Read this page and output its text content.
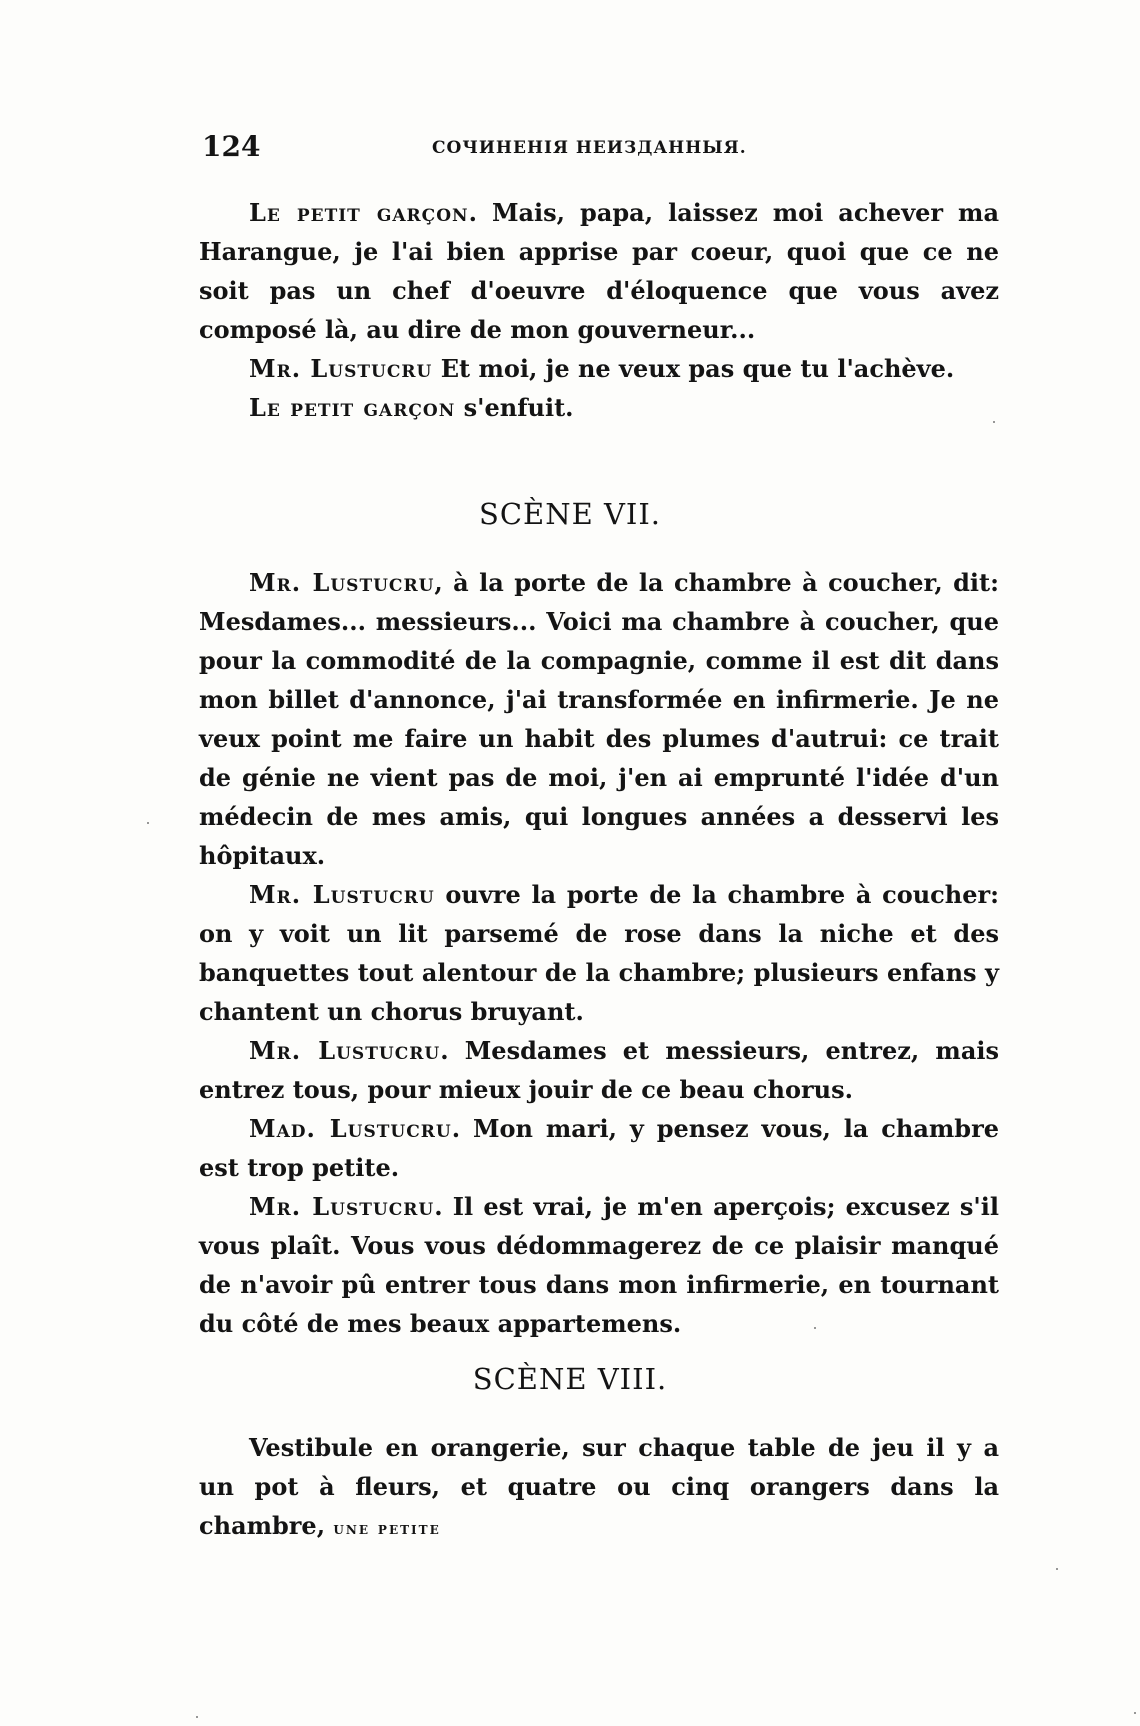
124	СОЧИНЕНІЯ НЕИЗДАННЫЯ.

Le petit garçon. Mais, papa, laissez moi achever ma Harangue, je l'ai bien apprise par coeur, quoi que ce ne soit pas un chef d'oeuvre d'éloquence que vous avez composé là, au dire de mon gouverneur...

Mr. Lustucru Et moi, je ne veux pas que tu l'achève.

Le petit garçon s'enfuit.

SCÈNE VII.

Mr. Lustucru, à la porte de la chambre à coucher, dit: Mesdames... messieurs... Voici ma chambre à coucher, que pour la commodité de la compagnie, comme il est dit dans mon billet d'annonce, j'ai transformée en infirmerie. Je ne veux point me faire un habit des plumes d'autrui: ce trait de génie ne vient pas de moi, j'en ai emprunté l'idée d'un médecin de mes amis, qui longues années a desservi les hôpitaux.

Mr. Lustucru ouvre la porte de la chambre à coucher: on y voit un lit parsemé de rose dans la niche et des banquettes tout alentour de la chambre; plusieurs enfans y chantent un chorus bruyant.

Mr. Lustucru. Mesdames et messieurs, entrez, mais entrez tous, pour mieux jouir de ce beau chorus.

Mad. Lustucru. Mon mari, y pensez vous, la chambre est trop petite.

Mr. Lustucru. Il est vrai, je m'en aperçois; excusez s'il vous plaît. Vous vous dédommagerez de ce plaisir manqué de n'avoir pû entrer tous dans mon infirmerie, en tournant du côté de mes beaux appartemens.

SCÈNE VIII.

Vestibule en orangerie, sur chaque table de jeu il y a un pot à fleurs, et quatre ou cinq orangers dans la chambre, une petite
